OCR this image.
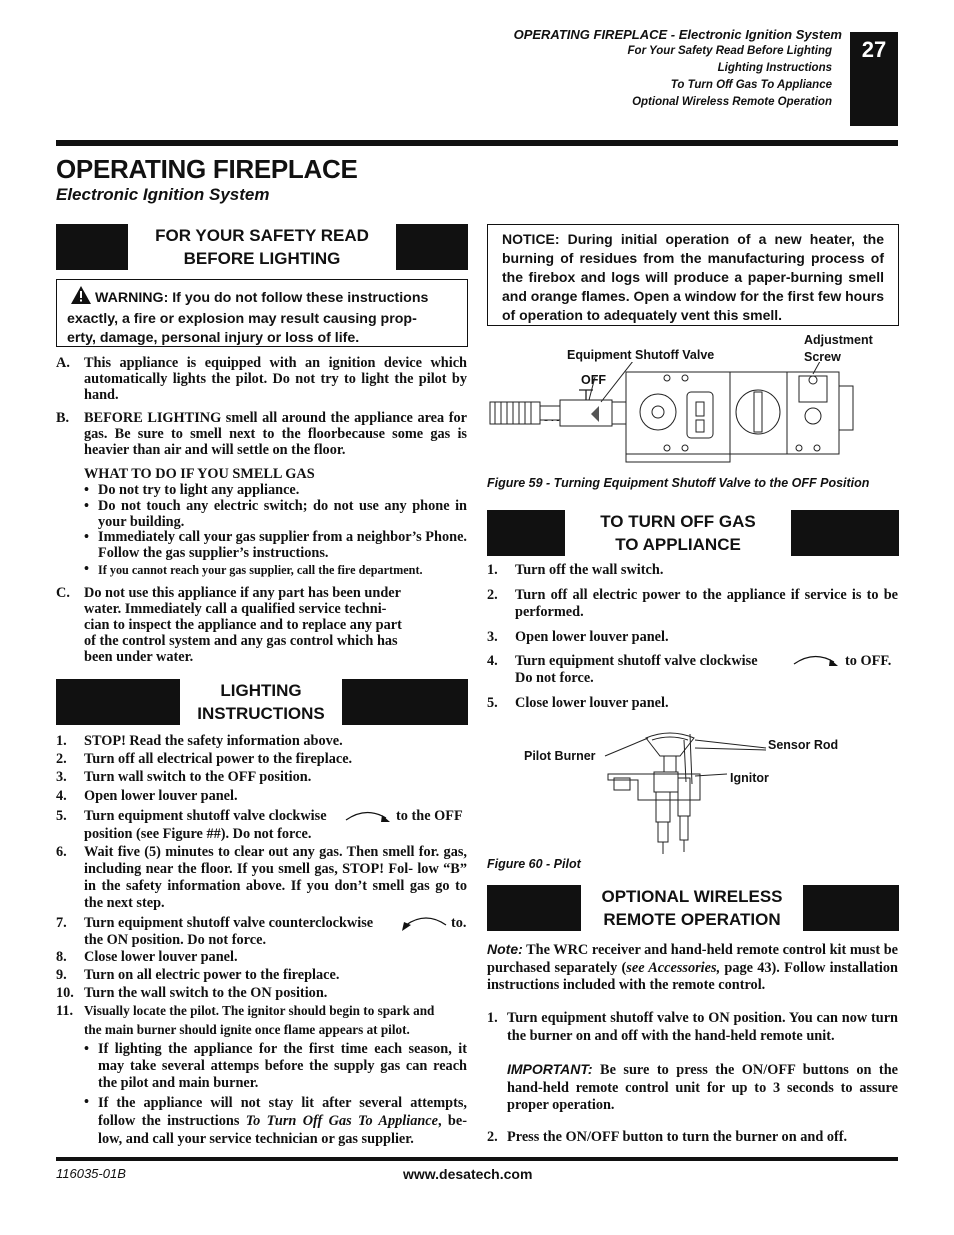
OPERATING FIREPLACE - Electronic Ignition System
For Your Safety Read Before Lighting
Lighting Instructions
To Turn Off Gas To Appliance
Optional Wireless Remote Operation
27
OPERATING FIREPLACE
Electronic Ignition System
FOR YOUR SAFETY READ
BEFORE LIGHTING
WARNING: If you do not follow these instructions
exactly, a fire or explosion may result causing prop-
erty, damage, personal injury or loss of life.
A. This appliance is equipped with an ignition device which automatically lights the pilot. Do not try to light the pilot by hand.
B. BEFORE LIGHTING smell all around the appliance area for gas. Be sure to smell next to the floorbecause some gas is heavier than air and will settle on the floor.
WHAT TO DO IF YOU SMELL GAS
• Do not try to light any appliance.
• Do not touch any electric switch; do not use any phone in your building.
• Immediately call your gas supplier from a neighbor’s Phone. Follow the gas supplier’s instructions.
• If you cannot reach your gas supplier, call the fire department.
C. Do not use this appliance if any part has been under
water. Immediately call a qualified service techni-
cian to inspect the appliance and to replace any part
of the control system and any gas control which has
been under water.
LIGHTING
INSTRUCTIONS
1. STOP! Read the safety information above.
2. Turn off all electrical power to the fireplace.
3. Turn wall switch to the OFF position.
4. Open lower louver panel.
5. Turn equipment shutoff valve clockwise	to the OFF
position (see Figure ##). Do not force.
6. Wait five (5) minutes to clear out any gas. Then smell for. gas, including near the floor. If you smell gas, STOP! Fol- low “B” in the safety information above. If you don’t smell gas go to the next step.
7. Turn equipment shutoff valve counterclockwise	to.
the ON position. Do not force.
8. Close lower louver panel.
9. Turn on all electric power to the fireplace.
10. Turn the wall switch to the ON position.
11. Visually locate the pilot. The ignitor should begin to spark and
the main burner should ignite once flame appears at pilot.
• If lighting the appliance for the first time each season, it may take several attemps before the supply gas can reach the pilot and main burner.
• If the appliance will not stay lit after several attempts, follow the instructions To Turn Off Gas To Appliance, be- low, and call your service technician or gas supplier.
NOTICE: During initial operation of a new heater, the burning of residues from the manufacturing process of the firebox and logs will produce a paper-burning smell and orange flames. Open a window for the first few hours of operation to adequately vent this smell.
Equipment Shutoff Valve
Adjustment
Screw
OFF
Figure 59 - Turning Equipment Shutoff Valve to the OFF Position
TO TURN OFF GAS
TO APPLIANCE
1. Turn off the wall switch.
2. Turn off all electric power to the appliance if service is to be performed.
3. Open lower louver panel.
4. Turn equipment shutoff valve clockwise	to OFF.
Do not force.
5. Close lower louver panel.
Pilot Burner
Sensor Rod
Ignitor
Figure 60 - Pilot
OPTIONAL WIRELESS
REMOTE OPERATION
Note: The WRC receiver and hand-held remote control kit must be purchased separately (see Accessories, page 43). Follow installation instructions included with the remote control.
1. Turn equipment shutoff valve to ON position. You can now turn the burner on and off with the hand-held remote unit.
IMPORTANT: Be sure to press the ON/OFF buttons on the hand-held remote control unit for up to 3 seconds to assure proper operation.
2. Press the ON/OFF button to turn the burner on and off.
116035-01B	www.desatech.com
